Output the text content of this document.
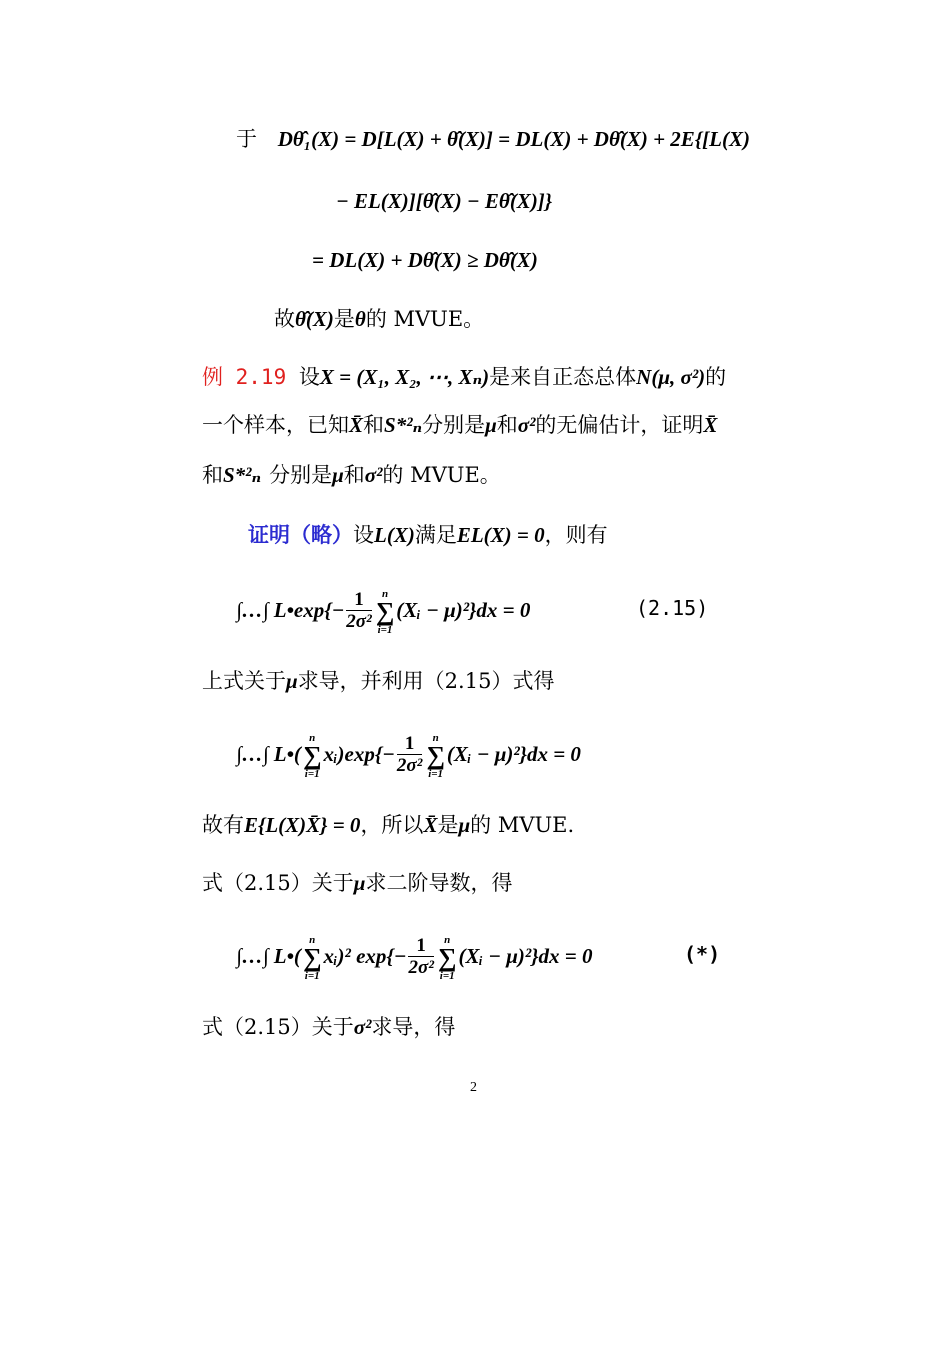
于 Dθ̂₁(X) = D[L(X) + θ̂(X)] = DL(X) + Dθ̂(X) + 2E{[L(X)
− EL(X)][θ̂(X) − Eθ̂(X)]}
= DL(X) + Dθ̂(X) ≥ Dθ̂(X)
故θ̂(X)是θ的 MVUE。
例 2.19 设X = (X₁, X₂, ⋯, Xₙ)是来自正态总体N(μ, σ²)的
一个样本，已知X̄和S*²ₙ分别是μ和σ²的无偏估计，证明X̄
和S*²ₙ 分别是μ和σ²的 MVUE。
证明（略）设L(X)满足EL(X) = 0，则有
∫…∫ L•exp{− $\frac{1}{\text{2σ²}}$ n
∑
i=1
(Xᵢ − μ)²}dx = 0	(2.15)
上式关于μ求导，并利用（2.15）式得
∫…∫ L•(
n
∑
i=1
xᵢ)exp{− $\frac{1}{\text{2σ²}}$ n
∑
i=1
(Xᵢ − μ)²}dx = 0
故有E{L(X)X̄} = 0，所以X̄是μ的 MVUE.
式（2.15）关于μ求二阶导数，得
∫…∫ L•(
n
∑
i=1
xᵢ)² $\exp\{- \frac{1}{\text{2σ²}}$ n
∑
i=1
(Xᵢ − μ)²}dx = 0	(*)
式（2.15）关于σ²求导，得
2
